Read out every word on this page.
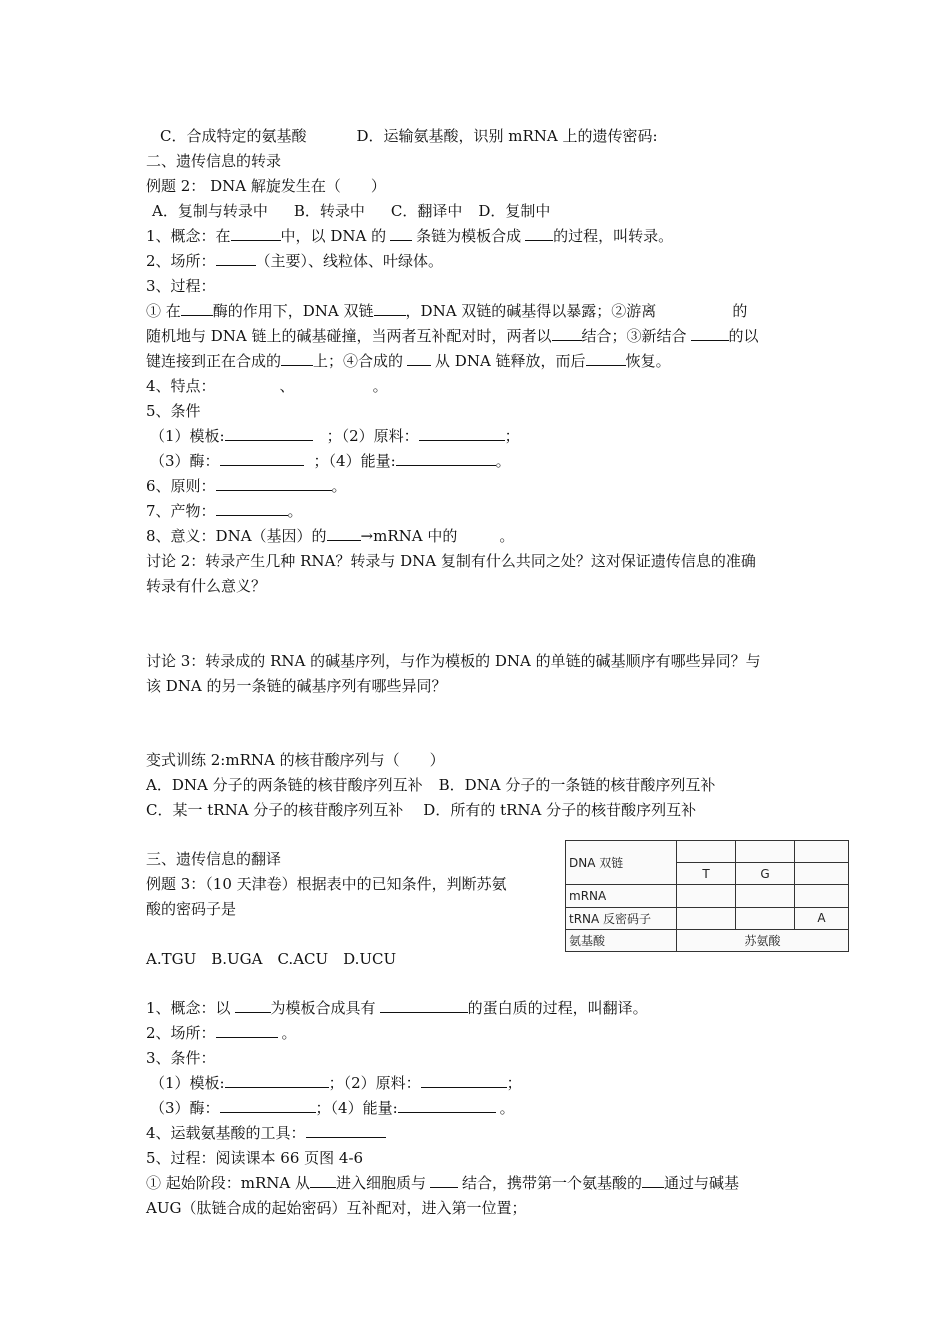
C．合成特定的氨基酸	D．运输氨基酸，识别 mRNA 上的遗传密码:
二、遗传信息的转录
例题 2： DNA 解旋发生在（　　）
A．复制与转录中 B．转录中 C．翻译中 D．复制中
1、概念：在	中，以 DNA 的 条链为模板合成 的过程，叫转录。
2、场所：	（主要）、线粒体、叶绿体。
3、过程：
① 在 酶的作用下，DNA 双链 ，DNA 双链的碱基得以暴露；②游离	的
随机地与 DNA 链上的碱基碰撞，当两者互补配对时，两者以 结合；③新结合	的以
键连接到正在合成的 上；④合成的 从 DNA 链释放，而后	恢复。
4、特点：	、	。
5、条件
（1）模板:	；（2）原料：	；
（3）酶：	；（4）能量:	。
6、原则：	。
7、产物：	。
8、意义：DNA（基因）的 →mRNA 中的	。
讨论 2：转录产生几种 RNA？转录与 DNA 复制有什么共同之处？这对保证遗传信息的准确
转录有什么意义？
讨论 3：转录成的 RNA 的碱基序列，与作为模板的 DNA 的单链的碱基顺序有哪些异同？与
该 DNA 的另一条链的碱基序列有哪些异同？
变式训练 2:mRNA 的核苷酸序列与（　　）
A．DNA 分子的两条链的核苷酸序列互补 B．DNA 分子的一条链的核苷酸序列互补
C．某一 tRNA 分子的核苷酸序列互补 D．所有的 tRNA 分子的核苷酸序列互补
三、遗传信息的翻译
例题 3：（10 天津卷）根据表中的已知条件，判断苏氨
酸的密码子是
A.TGU　B.UGA　C.ACU　D.UCU
DNA 双链			
	T	G	
mRNA			
tRNA 反密码子			A
氨基酸	苏氨酸		
1、概念：以	为模板合成具有	的蛋白质的过程，叫翻译。
2、场所：	。
3、条件：
（1）模板:	；（2）原料：	；
（3）酶：	；（4）能量:	。
4、运载氨基酸的工具：
5、过程：阅读课本 66 页图 4-6
① 起始阶段：mRNA 从 进入细胞质与 结合，携带第一个氨基酸的 通过与碱基
AUG（肽链合成的起始密码）互补配对，进入第一位置；
